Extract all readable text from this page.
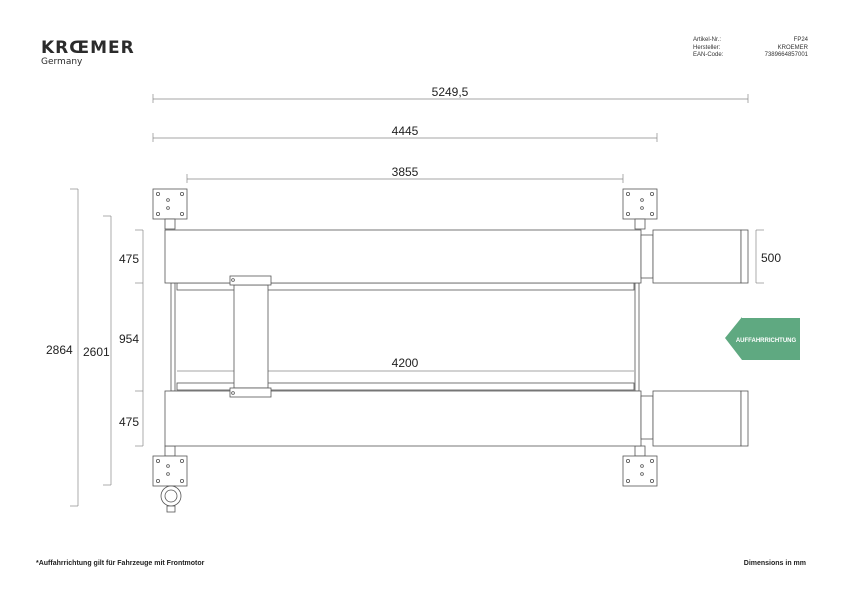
KRŒMER
Germany
Artikel-Nr.:	FP24
Hersteller:	KROEMER
EAN-Code:	7389664857001
AUFFAHRRICHTUNG
5249,5
4445
3855
4200
2864 2601
475
954
475
500
*Auffahrrichtung gilt für Fahrzeuge mit Frontmotor	Dimensions in mm
